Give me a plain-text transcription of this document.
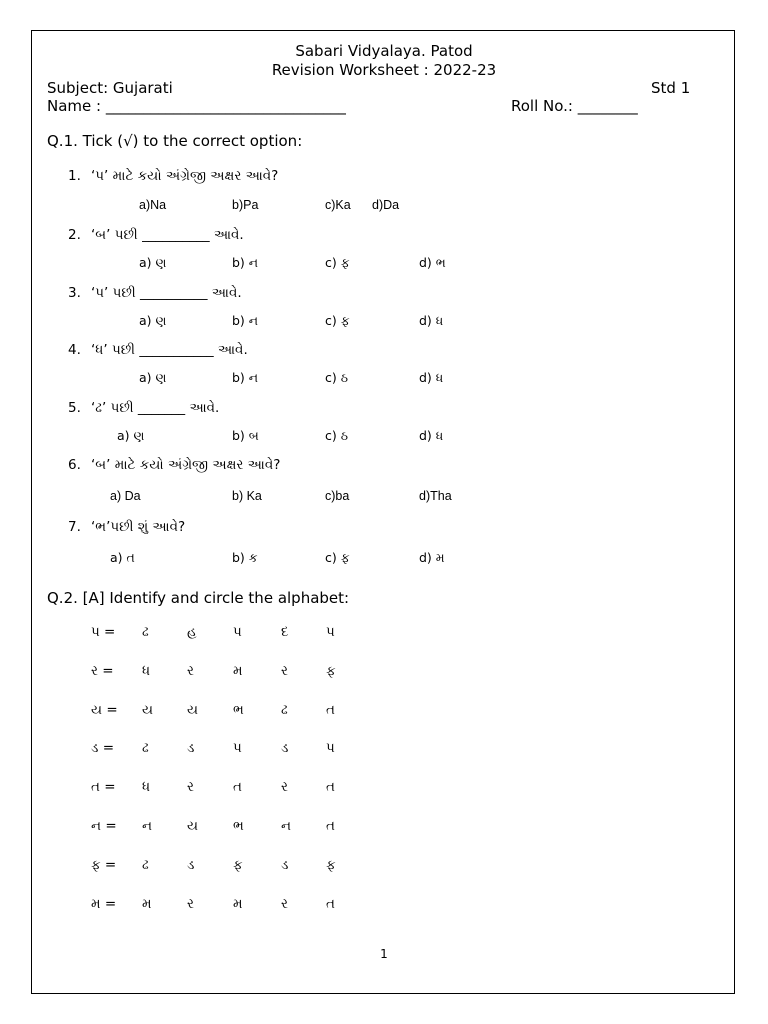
Sabari Vidyalaya. Patod
Revision Worksheet : 2022-23
Subject: Gujarati	Std 1
Name : ________________________________	Roll No.: ________
Q.1. Tick (√) to the correct option:
1. ‘પ’ માટે કયો અંગ્રેજી અક્ષર આવે?
a)Na	b)Pa	c)Ka d)Da
2. ‘બ’ પછી __________ આવે.
a) ણ	b) ન	c) ફ	d) ભ
3. ‘પ’ પછી __________ આવે.
a) ણ	b) ન	c) ફ	d) ધ
4. ‘ધ’ પછી ___________ આવે.
a) ણ	b) ન	c) ઠ	d) ધ
5. ‘ઢ’ પછી _______ આવે.
a) ણ	b) બ	c) ઠ	d) ધ
6. ‘બ’ માટે કયો અંગ્રેજી અક્ષર આવે?
a) Da	b) Ka	c)ba	d)Tha
7. ‘ભ’પછી શું આવે?
a) ત	b) ક	c) ફ	d) મ
Q.2. [A] Identify and circle the alphabet:
પ = ઢ	હ	પ	દ	પ
ર = ધ	ર	મ	ર	ફ
ય = ય	ય	ભ	ઢ	ત
ડ = ઢ	ડ	પ	ડ	પ
ત = ધ	ર	ત	ર	ત
ન = ન	ય	ભ	ન	ત
ફ = ઢ	ડ	ફ	ડ	ફ
મ = મ	ર	મ	ર	ત
1
